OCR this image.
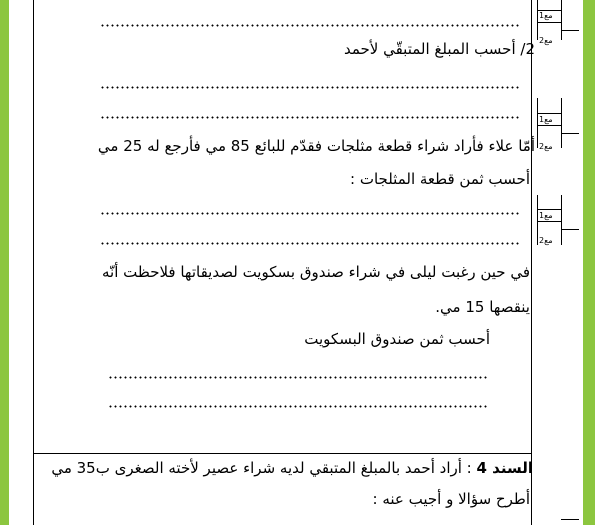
2/ أحسب المبلغ المتبقّي لأحمد
أمّا علاء فأراد شراء قطعة مثلجات فقدّم للبائع 85 مي فأرجع له 25 مي
أحسب ثمن قطعة المثلجات :
في حين رغبت ليلى في شراء صندوق بسكويت لصديقاتها فلاحظت أنّه
ينقصها 15 مي.
أحسب ثمن صندوق البسكويت
السند 4 : أراد أحمد بالمبلغ المتبقي لديه شراء عصير لأخته الصغرى ب35 مي
أطرح سؤالا و أجيب عنه :
مع1
مع2
مع1
مع2
مع1
مع2
